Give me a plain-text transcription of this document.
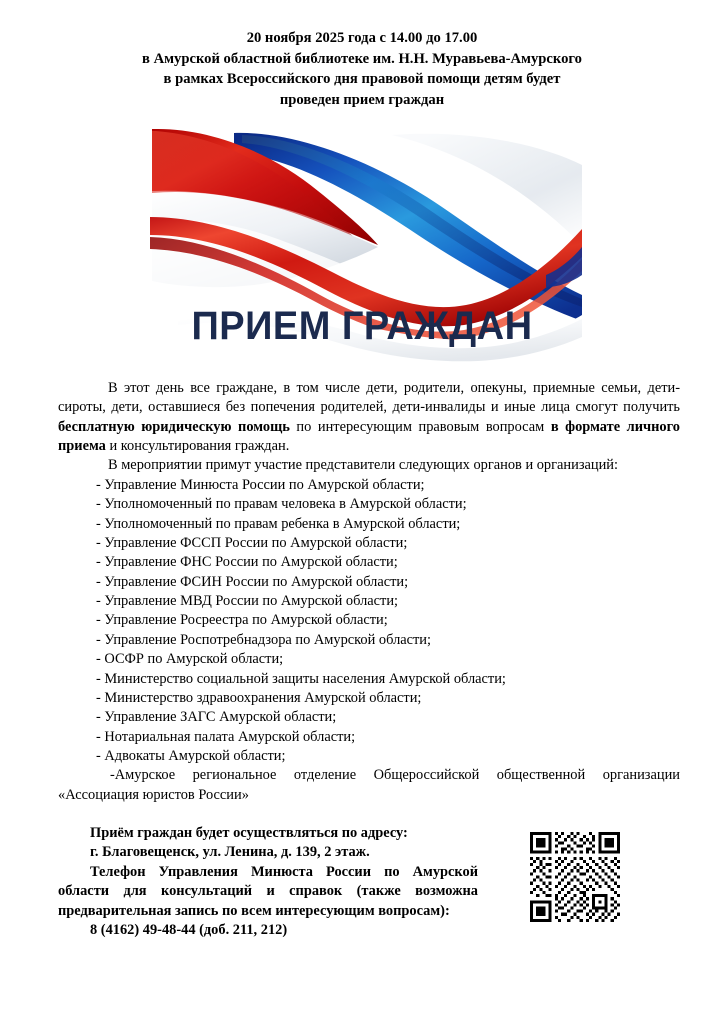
20 ноября 2025 года с 14.00 до 17.00
в Амурской областной библиотеке им. Н.Н. Муравьева-Амурского
в рамках Всероссийского дня правовой помощи детям будет
проведен прием граждан
ПРИЕМ ГРАЖДАН

В этот день все граждане, в том числе дети, родители, опекуны, приемные семьи, дети-сироты, дети, оставшиеся без попечения родителей, дети-инвалиды и иные лица смогут получить бесплатную юридическую помощь по интересующим правовым вопросам в формате личного приема и консультирования граждан.

В мероприятии примут участие представители следующих органов и организаций:

- Управление Минюста России по Амурской области;
- Уполномоченный по правам человека в Амурской области;
- Уполномоченный по правам ребенка в Амурской области;
- Управление ФССП России по Амурской области;
- Управление ФНС России по Амурской области;
- Управление ФСИН России по Амурской области;
- Управление МВД России по Амурской области;
- Управление Росреестра по Амурской области;
- Управление Роспотребнадзора по Амурской области;
- ОСФР по Амурской области;
- Министерство социальной защиты населения Амурской области;
- Министерство здравоохранения Амурской области;
- Управление ЗАГС Амурской области;
- Нотариальная палата Амурской области;
- Адвокаты Амурской области;
-Амурское региональное отделение Общероссийской общественной организации «Ассоциация юристов России»
Приём граждан будет осуществляться по адресу:
г. Благовещенск, ул. Ленина, д. 139, 2 этаж.

Телефон Управления Минюста России по Амурской области для консультаций и справок (также возможна предварительная запись по всем интересующим вопросам):

8 (4162) 49-48-44 (доб. 211, 212)
